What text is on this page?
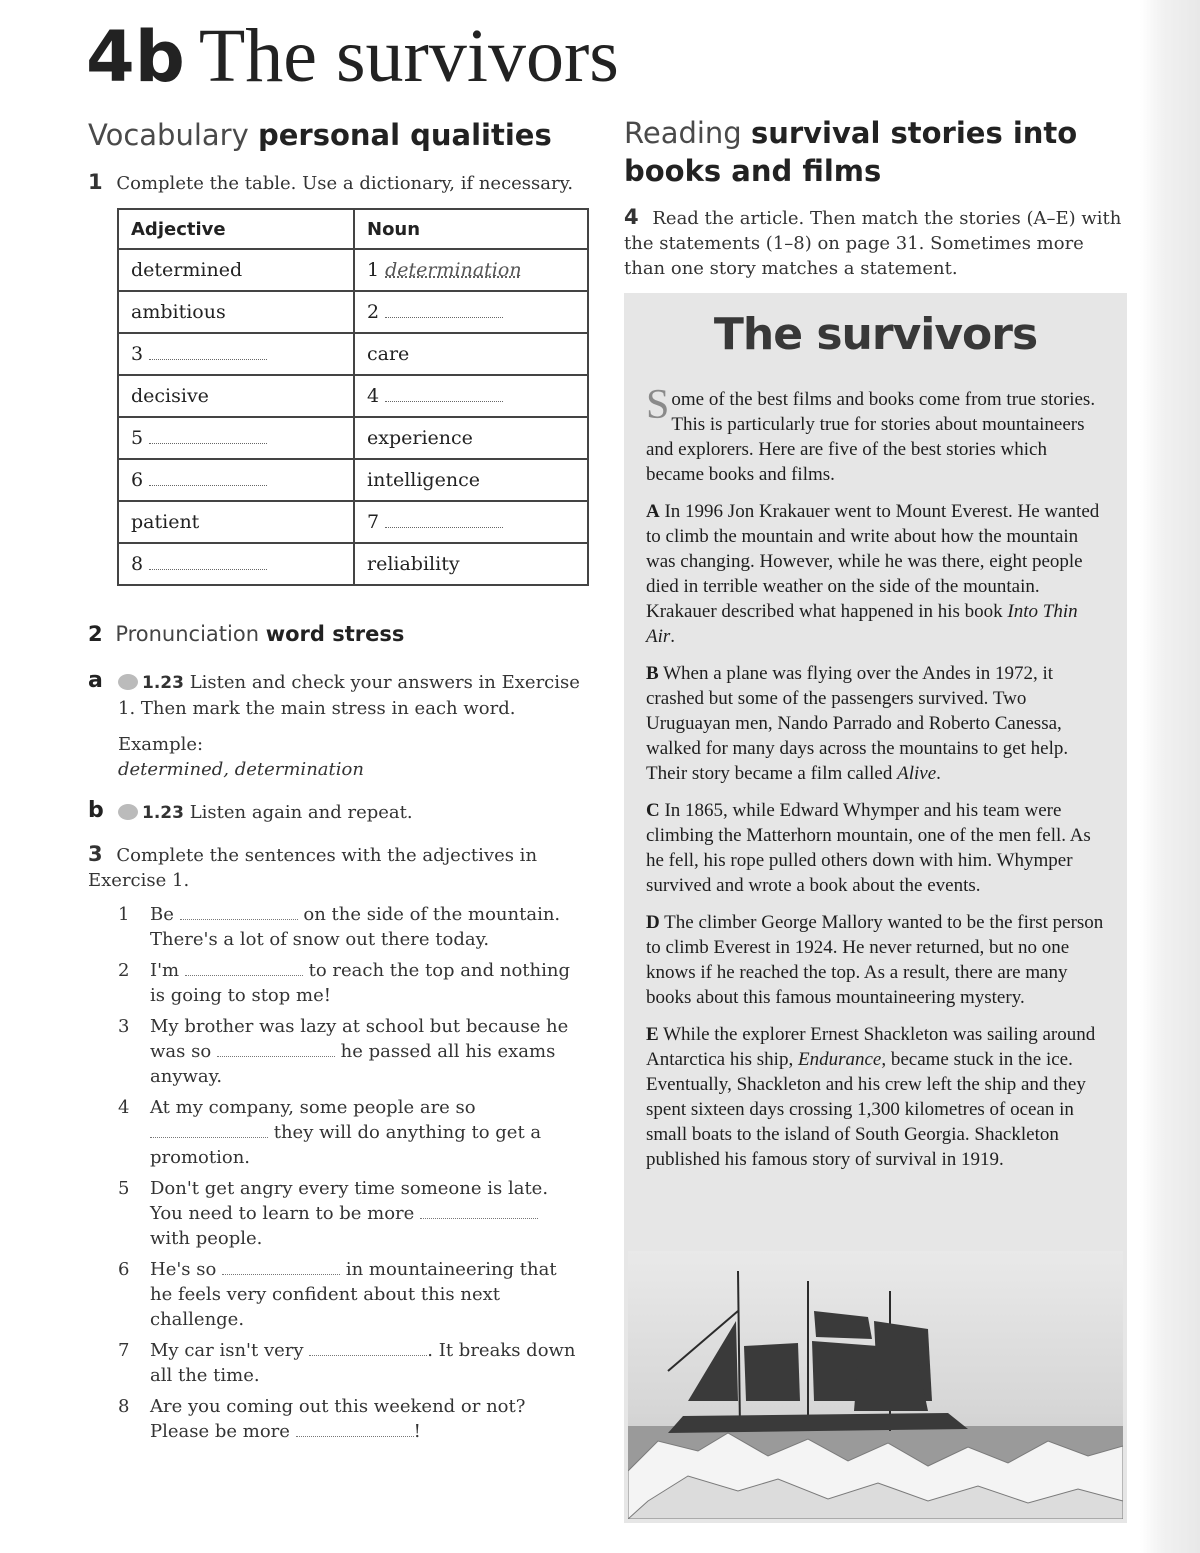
4b The survivors
Vocabulary personal qualities
1 Complete the table. Use a dictionary, if necessary.
Adjective	Noun
determined	1 determination
ambitious	2
3	care
decisive	4
5	experience
6	intelligence
patient	7
8	reliability
2 Pronunciation word stress
a	1.23 Listen and check your answers in Exercise 1. Then mark the main stress in each word.
Example:
determined, determination
b	1.23 Listen again and repeat.
3 Complete the sentences with the adjectives in Exercise 1.
1 Be	on the side of the mountain. There's a lot of snow out there today.
2 I'm	to reach the top and nothing is going to stop me!
3 My brother was lazy at school but because he was so	he passed all his exams anyway.
4 At my company, some people are so  they will do anything to get a promotion.
5 Don't get angry every time someone is late. You need to learn to be more  with people.
6 He's so	in mountaineering that he feels very confident about this next challenge.
7 My car isn't very	. It breaks down all the time.
8 Are you coming out this weekend or not? Please be more	!
Reading survival stories into books and films
4 Read the article. Then match the stories (A–E) with the statements (1–8) on page 31. Sometimes more than one story matches a statement.
The survivors

Some of the best films and books come from true stories. This is particularly true for stories about mountaineers and explorers. Here are five of the best stories which became books and films.

A In 1996 Jon Krakauer went to Mount Everest. He wanted to climb the mountain and write about how the mountain was changing. However, while he was there, eight people died in terrible weather on the side of the mountain. Krakauer described what happened in his book Into Thin Air.

B When a plane was flying over the Andes in 1972, it crashed but some of the passengers survived. Two Uruguayan men, Nando Parrado and Roberto Canessa, walked for many days across the mountains to get help. Their story became a film called Alive.

C In 1865, while Edward Whymper and his team were climbing the Matterhorn mountain, one of the men fell. As he fell, his rope pulled others down with him. Whymper survived and wrote a book about the events.

D The climber George Mallory wanted to be the first person to climb Everest in 1924. He never returned, but no one knows if he reached the top. As a result, there are many books about this famous mountaineering mystery.

E While the explorer Ernest Shackleton was sailing around Antarctica his ship, Endurance, became stuck in the ice. Eventually, Shackleton and his crew left the ship and they spent sixteen days crossing 1,300 kilometres of ocean in small boats to the island of South Georgia. Shackleton published his famous story of survival in 1919.
